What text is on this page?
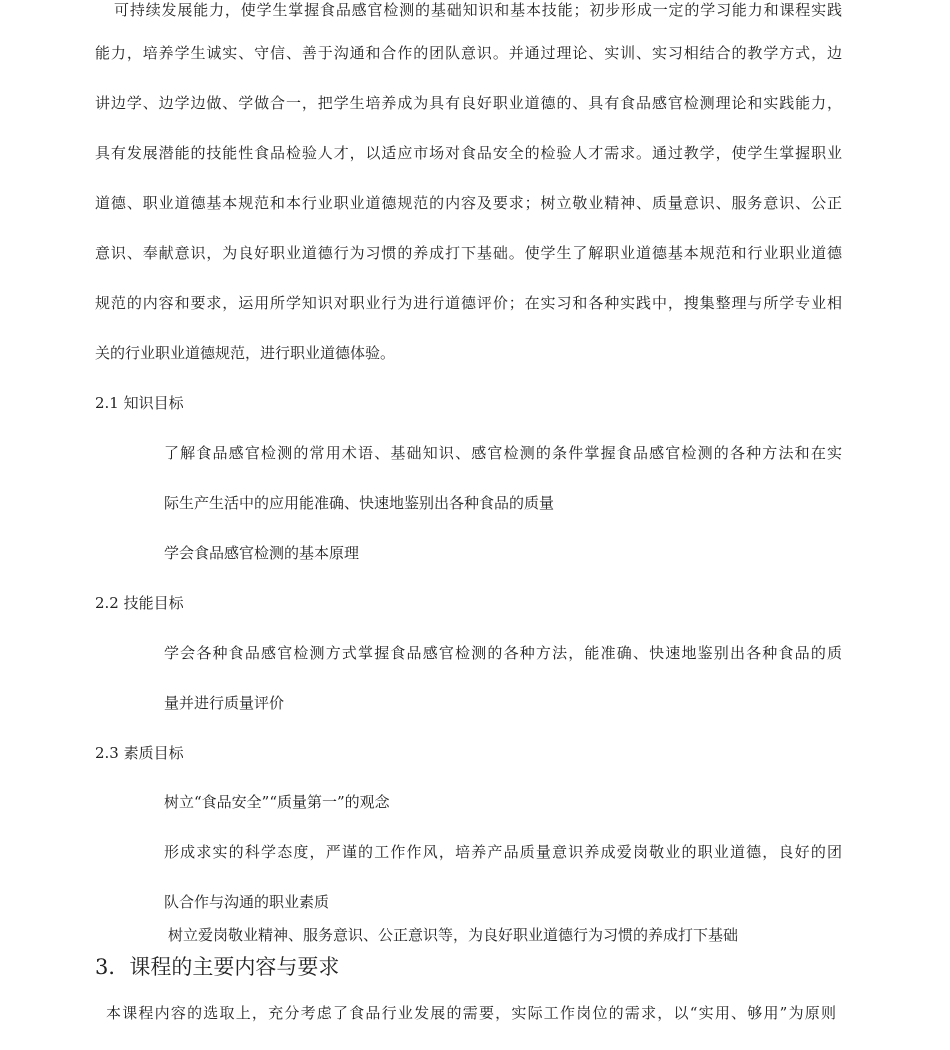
可持续发展能力，使学生掌握食品感官检测的基础知识和基本技能；初步形成一定的学习能力和课程实践
能力，培养学生诚实、守信、善于沟通和合作的团队意识。并通过理论、实训、实习相结合的教学方式，边
讲边学、边学边做、学做合一，把学生培养成为具有良好职业道德的、具有食品感官检测理论和实践能力，
具有发展潜能的技能性食品检验人才，以适应市场对食品安全的检验人才需求。通过教学，使学生掌握职业
道德、职业道德基本规范和本行业职业道德规范的内容及要求；树立敬业精神、质量意识、服务意识、公正
意识、奉献意识，为良好职业道德行为习惯的养成打下基础。使学生了解职业道德基本规范和行业职业道德
规范的内容和要求，运用所学知识对职业行为进行道德评价；在实习和各种实践中，搜集整理与所学专业相
关的行业职业道德规范，进行职业道德体验。
2.1 知识目标
了解食品感官检测的常用术语、基础知识、感官检测的条件掌握食品感官检测的各种方法和在实
际生产生活中的应用能准确、快速地鉴别出各种食品的质量
学会食品感官检测的基本原理
2.2 技能目标
学会各种食品感官检测方式掌握食品感官检测的各种方法，能准确、快速地鉴别出各种食品的质
量并进行质量评价
2.3 素质目标
树立“食品安全”“质量第一”的观念
形成求实的科学态度，严谨的工作作风，培养产品质量意识养成爱岗敬业的职业道德，良好的团
队合作与沟通的职业素质
树立爱岗敬业精神、服务意识、公正意识等，为良好职业道德行为习惯的养成打下基础
3．课程的主要内容与要求
本课程内容的选取上，充分考虑了食品行业发展的需要，实际工作岗位的需求，以“实用、够用”为原则
